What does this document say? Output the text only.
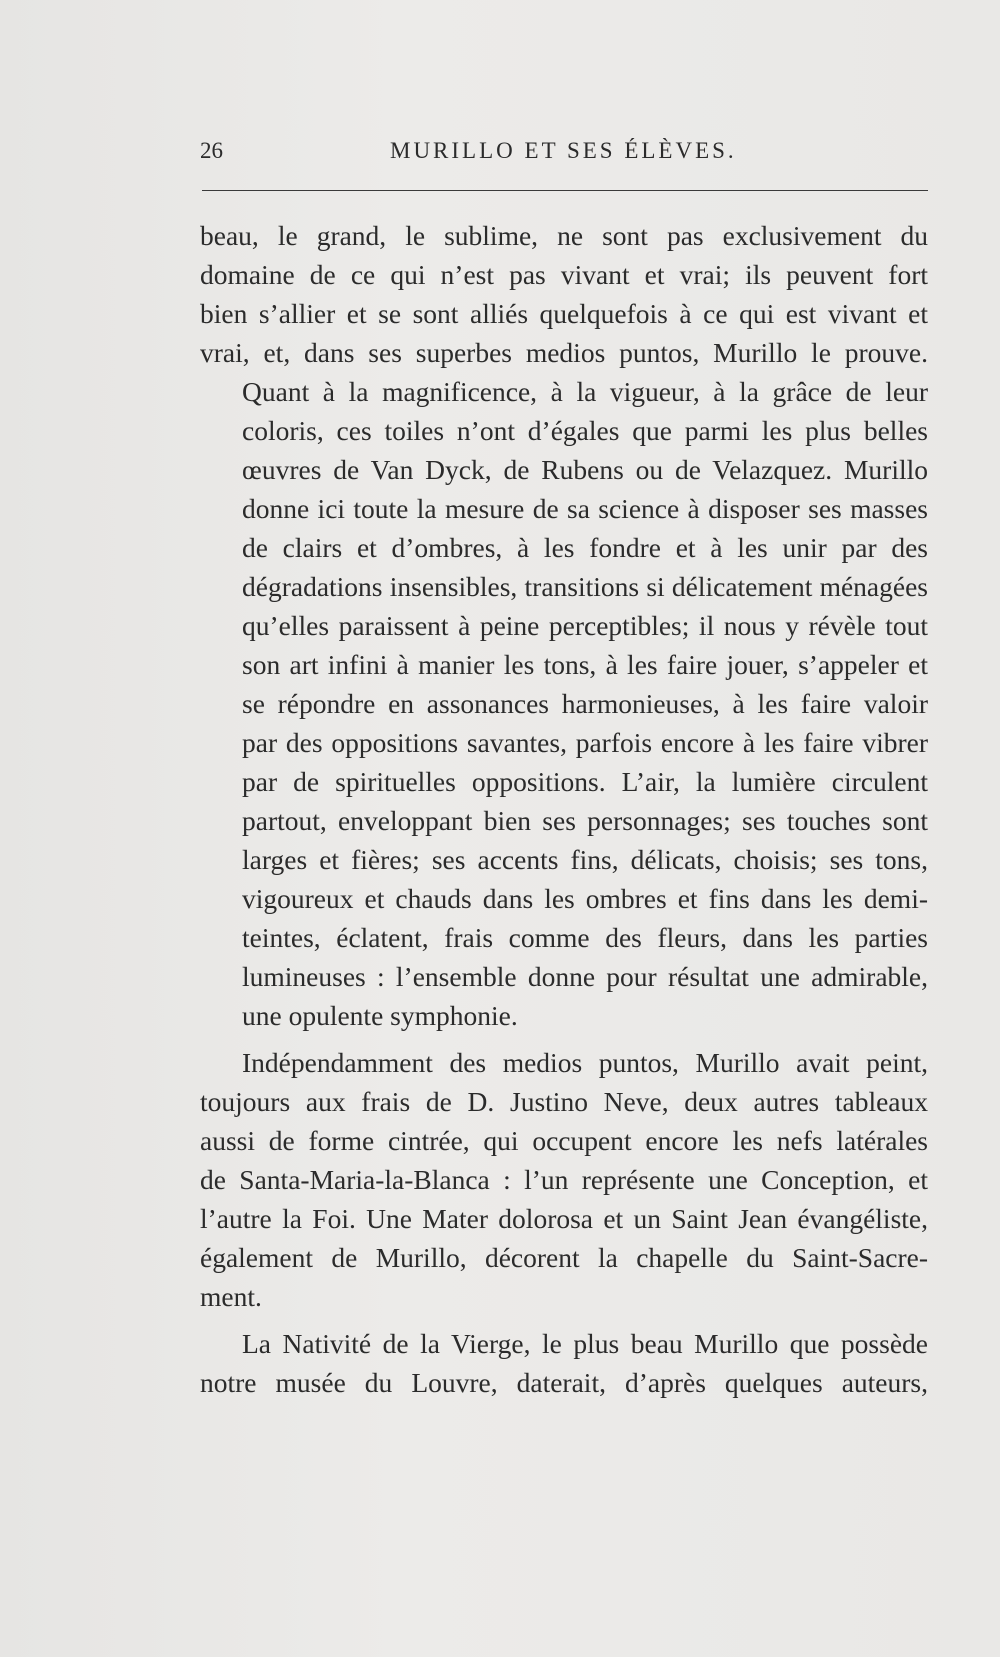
26	MURILLO ET SES ÉLÈVES.

beau, le grand, le sublime, ne sont pas exclusivement du
domaine de ce qui n’est pas vivant et vrai; ils peuvent fort
bien s’allier et se sont alliés quelquefois à ce qui est vivant et
vrai, et, dans ses superbes medios puntos, Murillo le prouve.

Quant à la magnificence, à la vigueur, à la grâce de leur
coloris, ces toiles n’ont d’égales que parmi les plus belles
œuvres de Van Dyck, de Rubens ou de Velazquez. Murillo
donne ici toute la mesure de sa science à disposer ses masses
de clairs et d’ombres, à les fondre et à les unir par des
dégradations insensibles, transitions si délicatement ménagées
qu’elles paraissent à peine perceptibles; il nous y révèle tout
son art infini à manier les tons, à les faire jouer, s’appeler et
se répondre en assonances harmonieuses, à les faire valoir
par des oppositions savantes, parfois encore à les faire vibrer
par de spirituelles oppositions. L’air, la lumière circulent
partout, enveloppant bien ses personnages; ses touches sont
larges et fières; ses accents fins, délicats, choisis; ses tons,
vigoureux et chauds dans les ombres et fins dans les demi-
teintes, éclatent, frais comme des fleurs, dans les parties
lumineuses : l’ensemble donne pour résultat une admirable,
une opulente symphonie.

Indépendamment des medios puntos, Murillo avait peint,
toujours aux frais de D. Justino Neve, deux autres tableaux
aussi de forme cintrée, qui occupent encore les nefs latérales
de Santa-Maria-la-Blanca : l’un représente une Conception, et
l’autre la Foi. Une Mater dolorosa et un Saint Jean évangéliste,
également de Murillo, décorent la chapelle du Saint-Sacre-
ment.

La Nativité de la Vierge, le plus beau Murillo que possède
notre musée du Louvre, daterait, d’après quelques auteurs,
